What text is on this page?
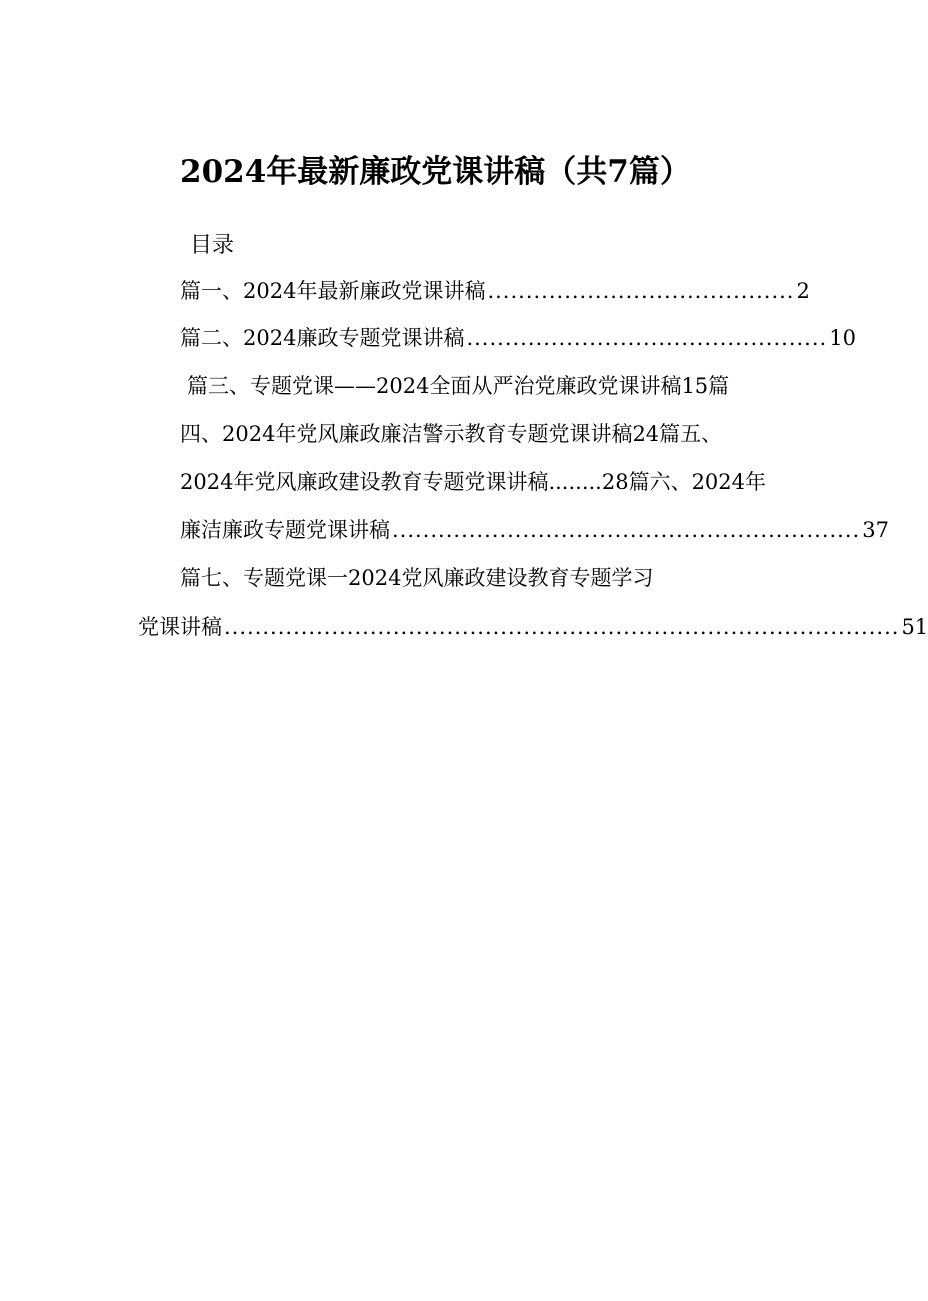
2024年最新廉政党课讲稿（共7篇）
目录
篇一、2024年最新廉政党课讲稿 ........................................ 2
篇二、2024廉政专题党课讲稿 ............................................... 10
篇三、专题党课——2024全面从严治党廉政党课讲稿15篇
四、2024年党风廉政廉洁警示教育专题党课讲稿24篇五、
2024年党风廉政建设教育专题党课讲稿........28篇六、2024年
廉洁廉政专题党课讲稿 ............................................................. 37
篇七、专题党课一2024党风廉政建设教育专题学习
党课讲稿 ........................................................................................ 51
